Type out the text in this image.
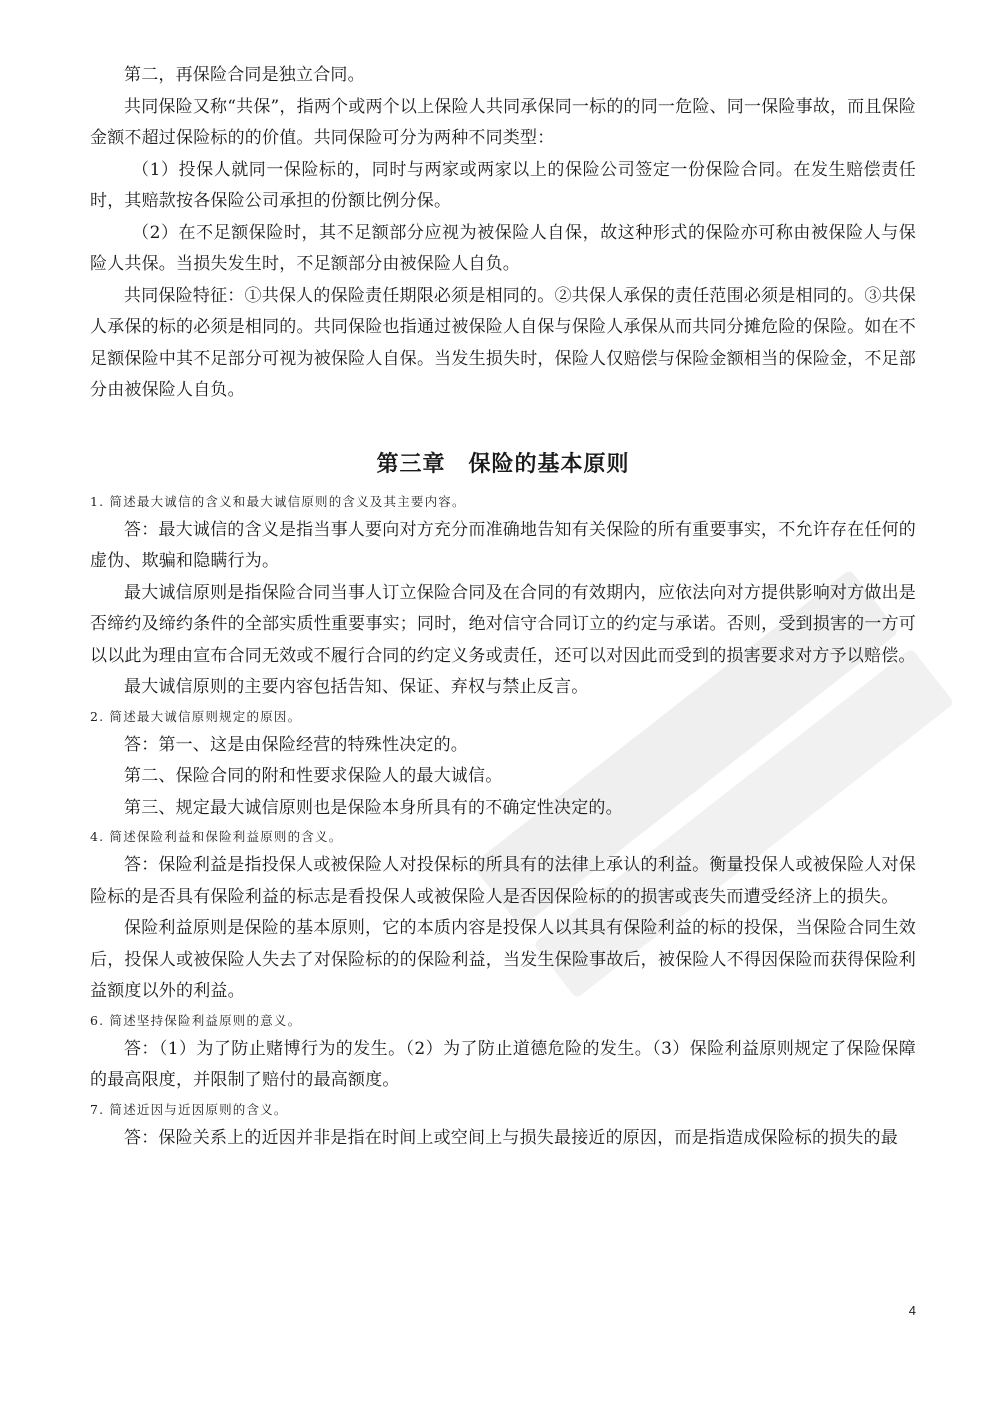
第二，再保险合同是独立合同。

共同保险又称“共保”，指两个或两个以上保险人共同承保同一标的的同一危险、同一保险事故，而且保险 金额不超过保险标的的价值。共同保险可分为两种不同类型：

（1）投保人就同一保险标的，同时与两家或两家以上的保险公司签定一份保险合同。在发生赔偿责任时，其赔款按各保险公司承担的份额比例分保。

（2）在不足额保险时，其不足额部分应视为被保险人自保，故这种形式的保险亦可称由被保险人与保险人共保。当损失发生时，不足额部分由被保险人自负。

共同保险特征：①共保人的保险责任期限必须是相同的。②共保人承保的责任范围必须是相同的。③共保人承保的标的必须是相同的。共同保险也指通过被保险人自保与保险人承保从而共同分摊危险的保险。如在不足额保险中其不足部分可视为被保险人自保。当发生损失时，保险人仅赔偿与保险金额相当的保险金，不足部分由被保险人自负。

第三章　保险的基本原则

1. 简述最大诚信的含义和最大诚信原则的含义及其主要内容。

答：最大诚信的含义是指当事人要向对方充分而准确地告知有关保险的所有重要事实，不允许存在任何的虚伪、欺骗和隐瞒行为。

最大诚信原则是指保险合同当事人订立保险合同及在合同的有效期内，应依法向对方提供影响对方做出是否缔约及缔约条件的全部实质性重要事实；同时，绝对信守合同订立的约定与承诺。否则，受到损害的一方可以以此为理由宣布合同无效或不履行合同的约定义务或责任，还可以对因此而受到的损害要求对方予以赔偿。

最大诚信原则的主要内容包括告知、保证、弃权与禁止反言。

2. 简述最大诚信原则规定的原因。

答：第一、这是由保险经营的特殊性决定的。

第二、保险合同的附和性要求保险人的最大诚信。

第三、规定最大诚信原则也是保险本身所具有的不确定性决定的。

4. 简述保险利益和保险利益原则的含义。

答：保险利益是指投保人或被保险人对投保标的所具有的法律上承认的利益。衡量投保人或被保险人对保险标的是否具有保险利益的标志是看投保人或被保险人是否因保险标的的损害或丧失而遭受经济上的损失。

保险利益原则是保险的基本原则，它的本质内容是投保人以其具有保险利益的标的投保，当保险合同生效后，投保人或被保险人失去了对保险标的的保险利益，当发生保险事故后，被保险人不得因保险而获得保险利益额度以外的利益。

6. 简述坚持保险利益原则的意义。

答：（1）为了防止赌博行为的发生。（2）为了防止道德危险的发生。（3）保险利益原则规定了保险保障的最高限度，并限制了赔付的最高额度。

7. 简述近因与近因原则的含义。

答：保险关系上的近因并非是指在时间上或空间上与损失最接近的原因，而是指造成保险标的损失的最

4
